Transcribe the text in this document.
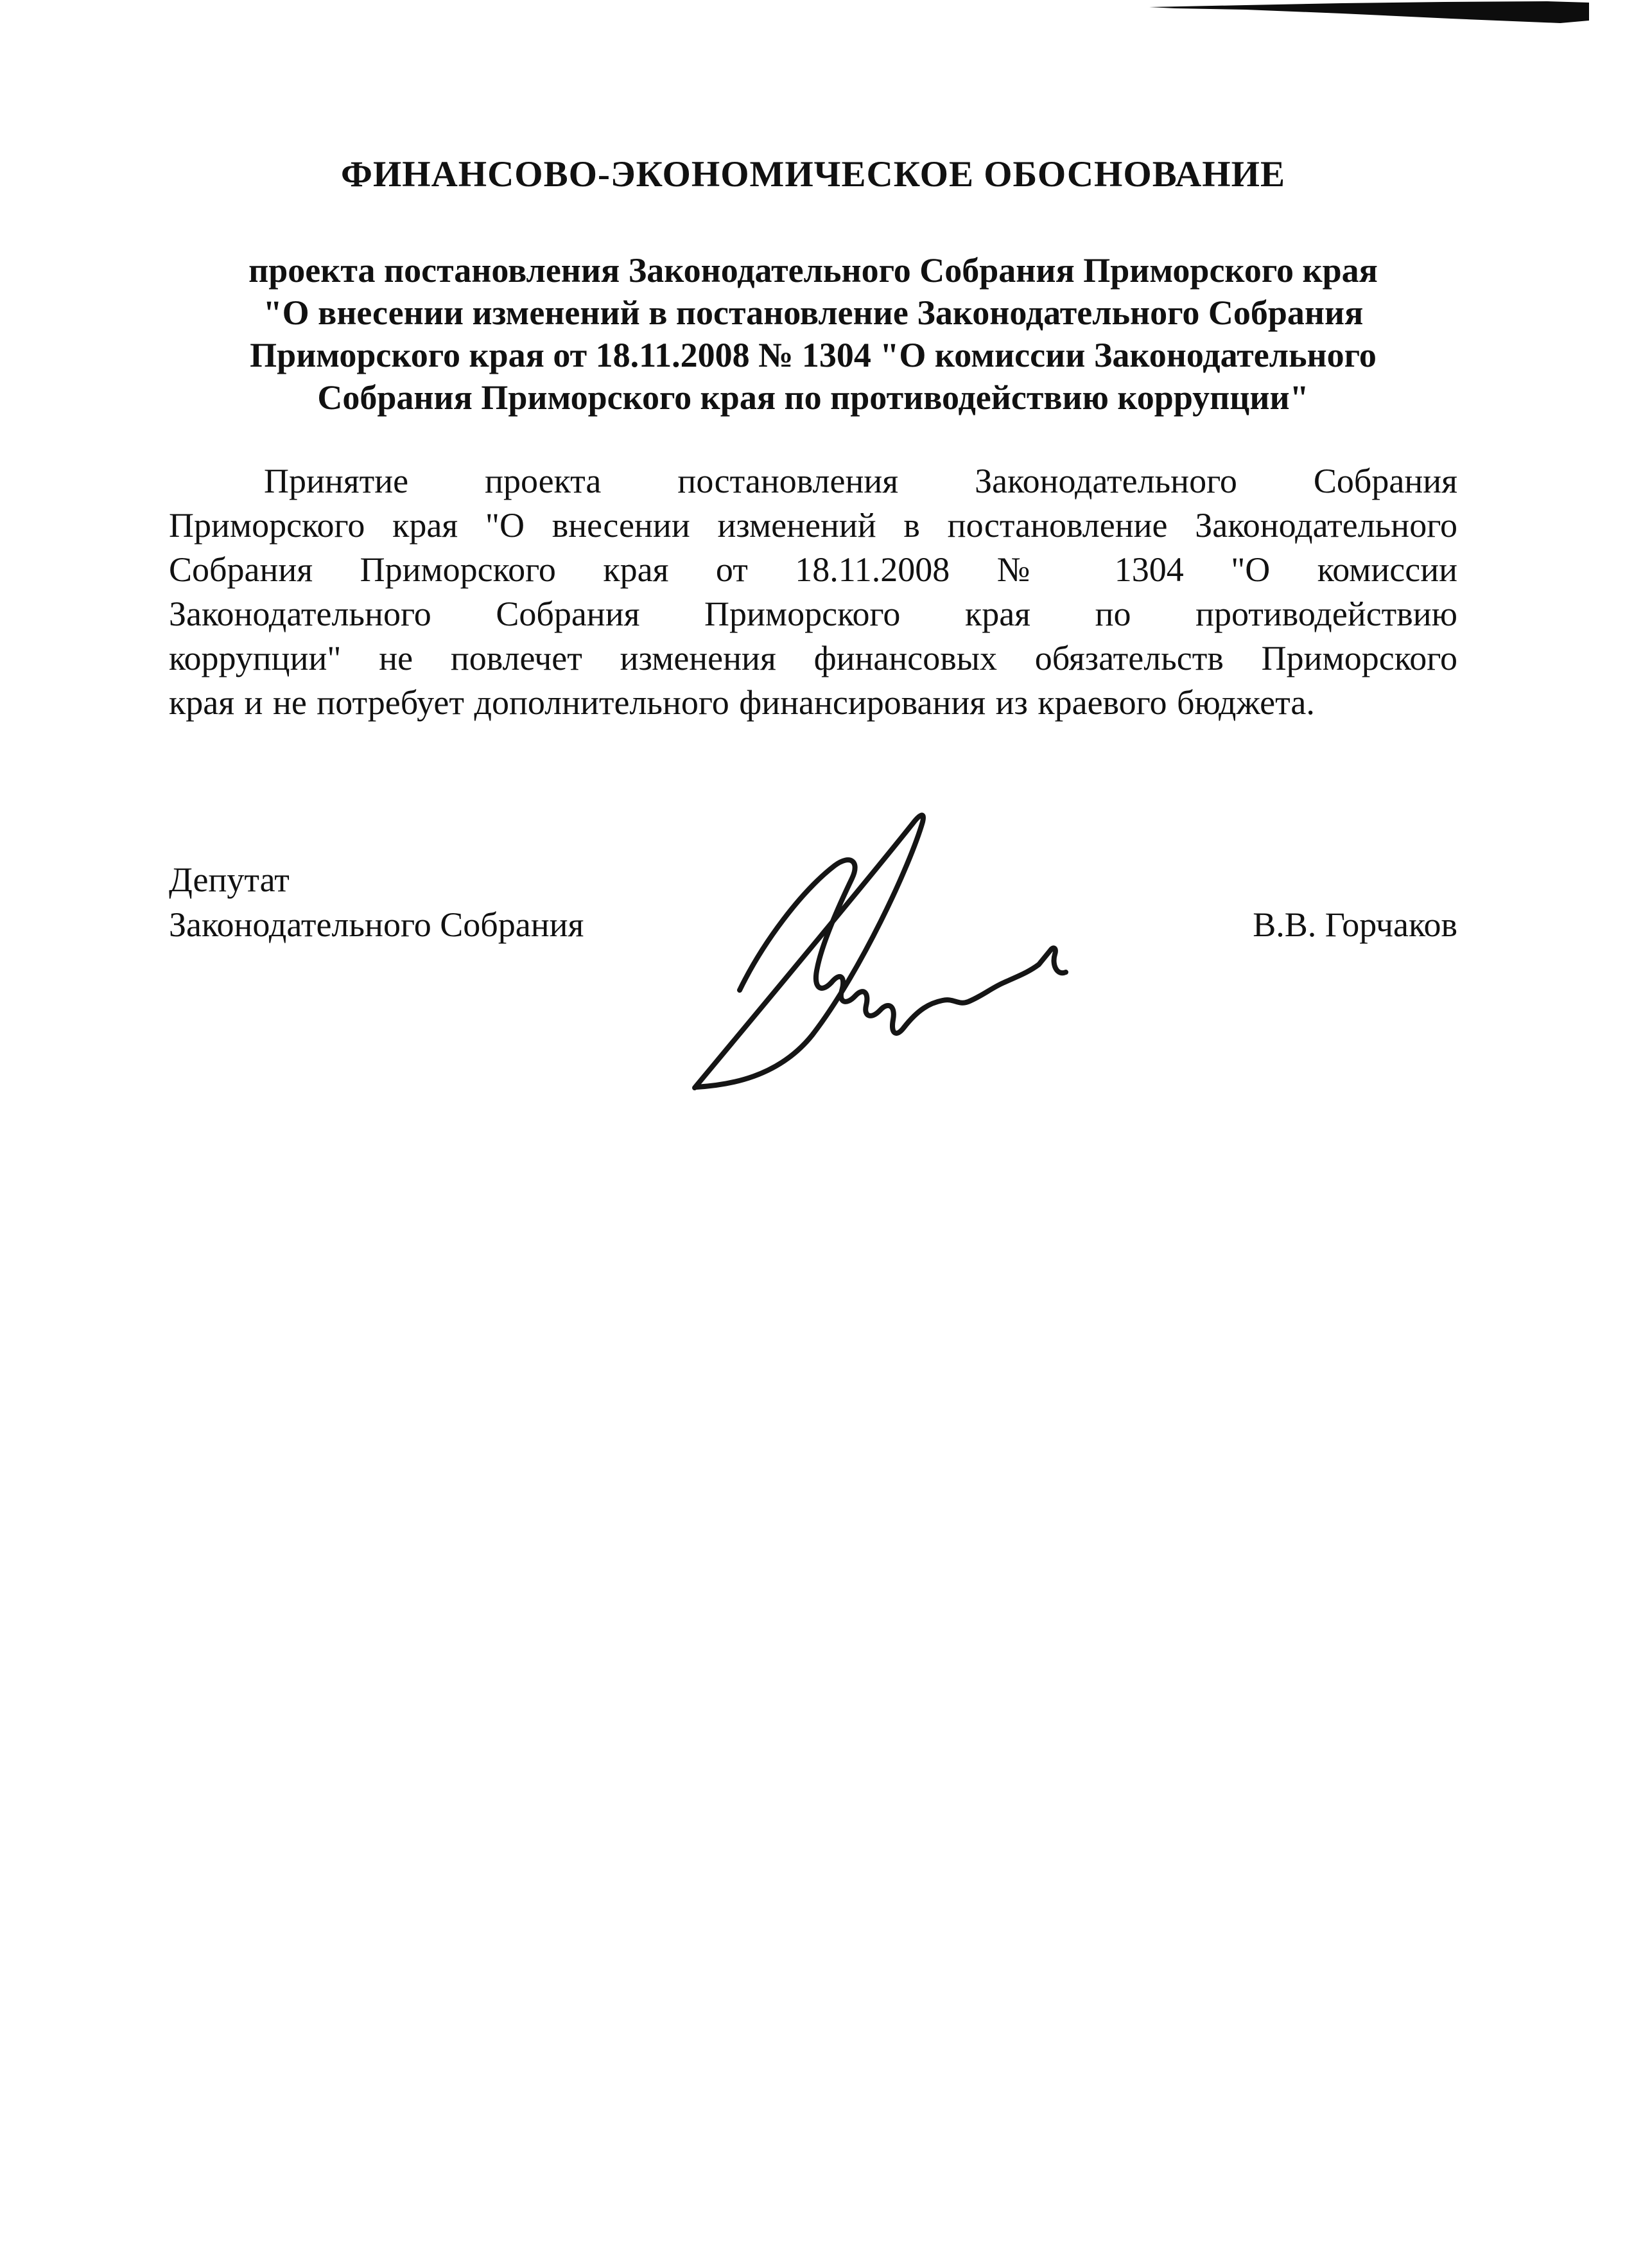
ФИНАНСОВО-ЭКОНОМИЧЕСКОЕ ОБОСНОВАНИЕ
проекта постановления Законодательного Собрания Приморского края
"О внесении изменений в постановление Законодательного Собрания
Приморского края от 18.11.2008 № 1304 "О комиссии Законодательного
Собрания Приморского края по противодействию коррупции"
Принятие проекта постановления Законодательного Собрания
Приморского края "О внесении изменений в постановление Законодательного
Собрания Приморского края от 18.11.2008 № 1304 "О комиссии
Законодательного Собрания Приморского края по противодействию
коррупции" не повлечет изменения финансовых обязательств Приморского
края и не потребует дополнительного финансирования из краевого бюджета.
Депутат
Законодательного Собрания	В.В. Горчаков
